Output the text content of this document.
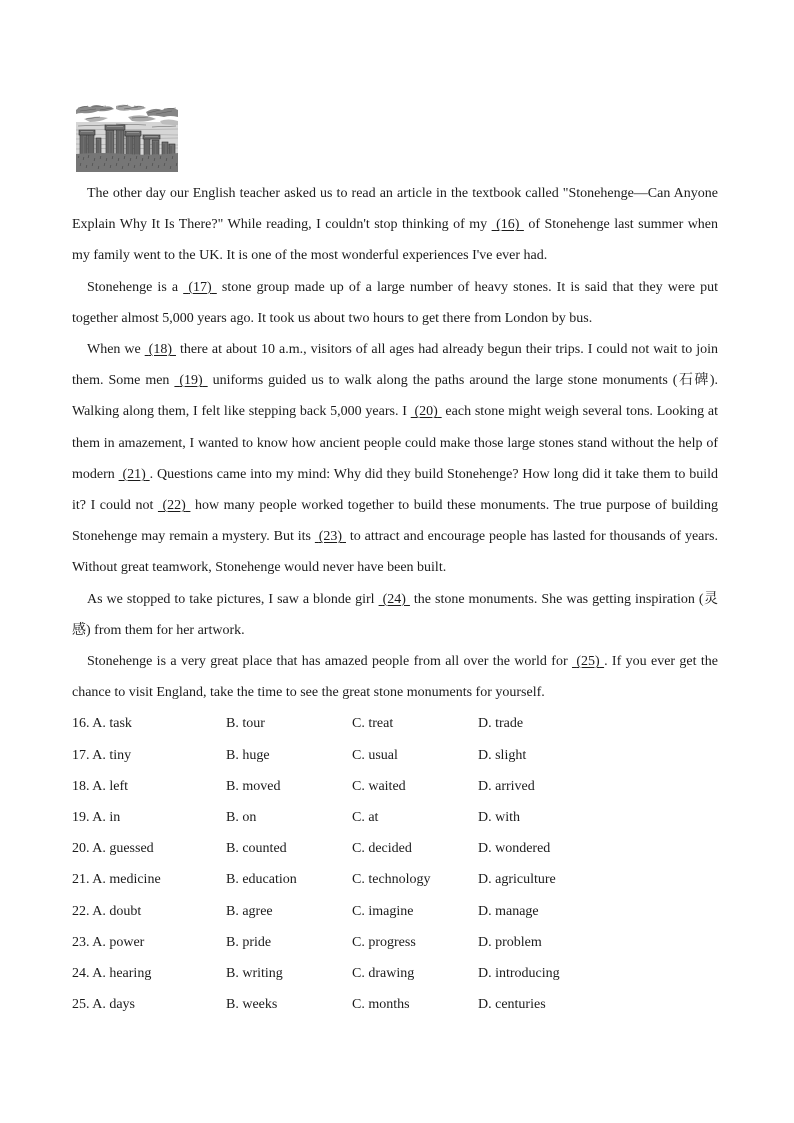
The other day our English teacher asked us to read an article in the textbook called "Stonehenge—Can Anyone Explain Why It Is There?" While reading, I couldn't stop thinking of my (16) of Stonehenge last summer when my family went to the UK. It is one of the most wonderful experiences I've ever had.

Stonehenge is a (17) stone group made up of a large number of heavy stones. It is said that they were put together almost 5,000 years ago. It took us about two hours to get there from London by bus.

When we (18) there at about 10 a.m., visitors of all ages had already begun their trips. I could not wait to join them. Some men (19) uniforms guided us to walk along the paths around the large stone monuments (石碑). Walking along them, I felt like stepping back 5,000 years. I (20) each stone might weigh several tons. Looking at them in amazement, I wanted to know how ancient people could make those large stones stand without the help of modern (21) . Questions came into my mind: Why did they build Stonehenge? How long did it take them to build it? I could not (22) how many people worked together to build these monuments. The true purpose of building Stonehenge may remain a mystery. But its (23) to attract and encourage people has lasted for thousands of years. Without great teamwork, Stonehenge would never have been built.

As we stopped to take pictures, I saw a blonde girl (24) the stone monuments. She was getting inspiration (灵感) from them for her artwork.

Stonehenge is a very great place that has amazed people from all over the world for (25) . If you ever get the chance to visit England, take the time to see the great stone monuments for yourself.

16. A. task	B. tour	C. treat	D. trade
17. A. tiny	B. huge	C. usual	D. slight
18. A. left	B. moved	C. waited	D. arrived
19. A. in	B. on	C. at	D. with
20. A. guessed	B. counted	C. decided	D. wondered
21. A. medicine	B. education	C. technology	D. agriculture
22. A. doubt	B. agree	C. imagine	D. manage
23. A. power	B. pride	C. progress	D. problem
24. A. hearing	B. writing	C. drawing	D. introducing
25. A. days	B. weeks	C. months	D. centuries
